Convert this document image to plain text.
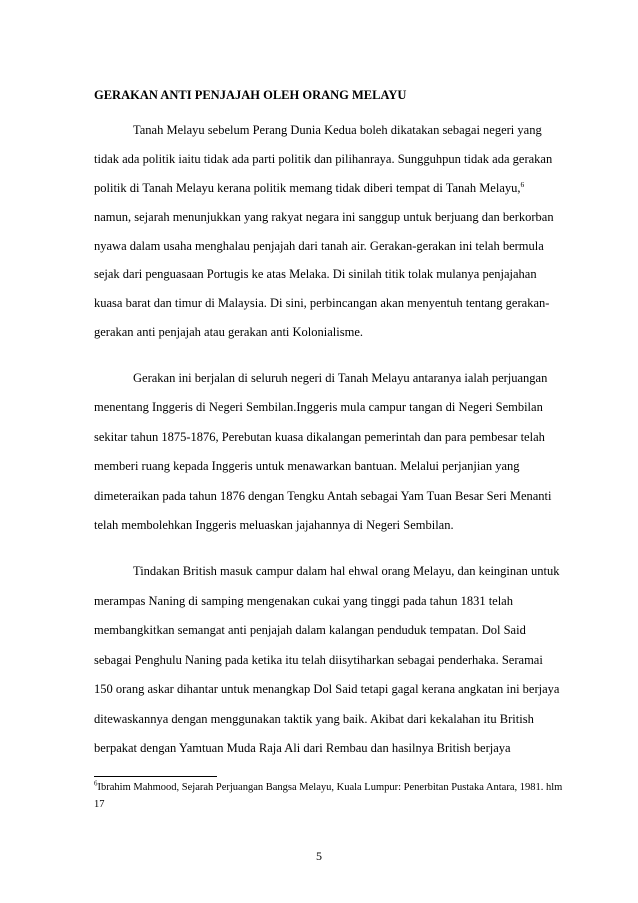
GERAKAN ANTI PENJAJAH OLEH ORANG MELAYU
Tanah Melayu sebelum Perang Dunia Kedua boleh dikatakan sebagai negeri yang
tidak ada politik iaitu tidak ada parti politik dan pilihanraya. Sungguhpun tidak ada gerakan
politik di Tanah Melayu kerana politik memang tidak diberi tempat di Tanah Melayu,$^6$
namun, sejarah menunjukkan yang rakyat negara ini sanggup untuk berjuang dan berkorban
nyawa dalam usaha menghalau penjajah dari tanah air. Gerakan-gerakan ini telah bermula
sejak dari penguasaan Portugis ke atas Melaka. Di sinilah titik tolak mulanya penjajahan
kuasa barat dan timur di Malaysia. Di sini, perbincangan akan menyentuh tentang gerakan-
gerakan anti penjajah atau gerakan anti Kolonialisme.
Gerakan ini berjalan di seluruh negeri di Tanah Melayu antaranya ialah perjuangan
menentang Inggeris di Negeri Sembilan.Inggeris mula campur tangan di Negeri Sembilan
sekitar tahun 1875-1876, Perebutan kuasa dikalangan pemerintah dan para pembesar telah
memberi ruang kepada Inggeris untuk menawarkan bantuan. Melalui perjanjian yang
dimeteraikan pada tahun 1876 dengan Tengku Antah sebagai Yam Tuan Besar Seri Menanti
telah membolehkan Inggeris meluaskan jajahannya di Negeri Sembilan.
Tindakan British masuk campur dalam hal ehwal orang Melayu, dan keinginan untuk
merampas Naning di samping mengenakan cukai yang tinggi pada tahun 1831 telah
membangkitkan semangat anti penjajah dalam kalangan penduduk tempatan. Dol Said
sebagai Penghulu Naning pada ketika itu telah diisytiharkan sebagai penderhaka. Seramai
150 orang askar dihantar untuk menangkap Dol Said tetapi gagal kerana angkatan ini berjaya
ditewaskannya dengan menggunakan taktik yang baik. Akibat dari kekalahan itu British
berpakat dengan Yamtuan Muda Raja Ali dari Rembau dan hasilnya British berjaya
$^6$Ibrahim Mahmood, Sejarah Perjuangan Bangsa Melayu, Kuala Lumpur: Penerbitan Pustaka Antara, 1981. hlm
17
5
